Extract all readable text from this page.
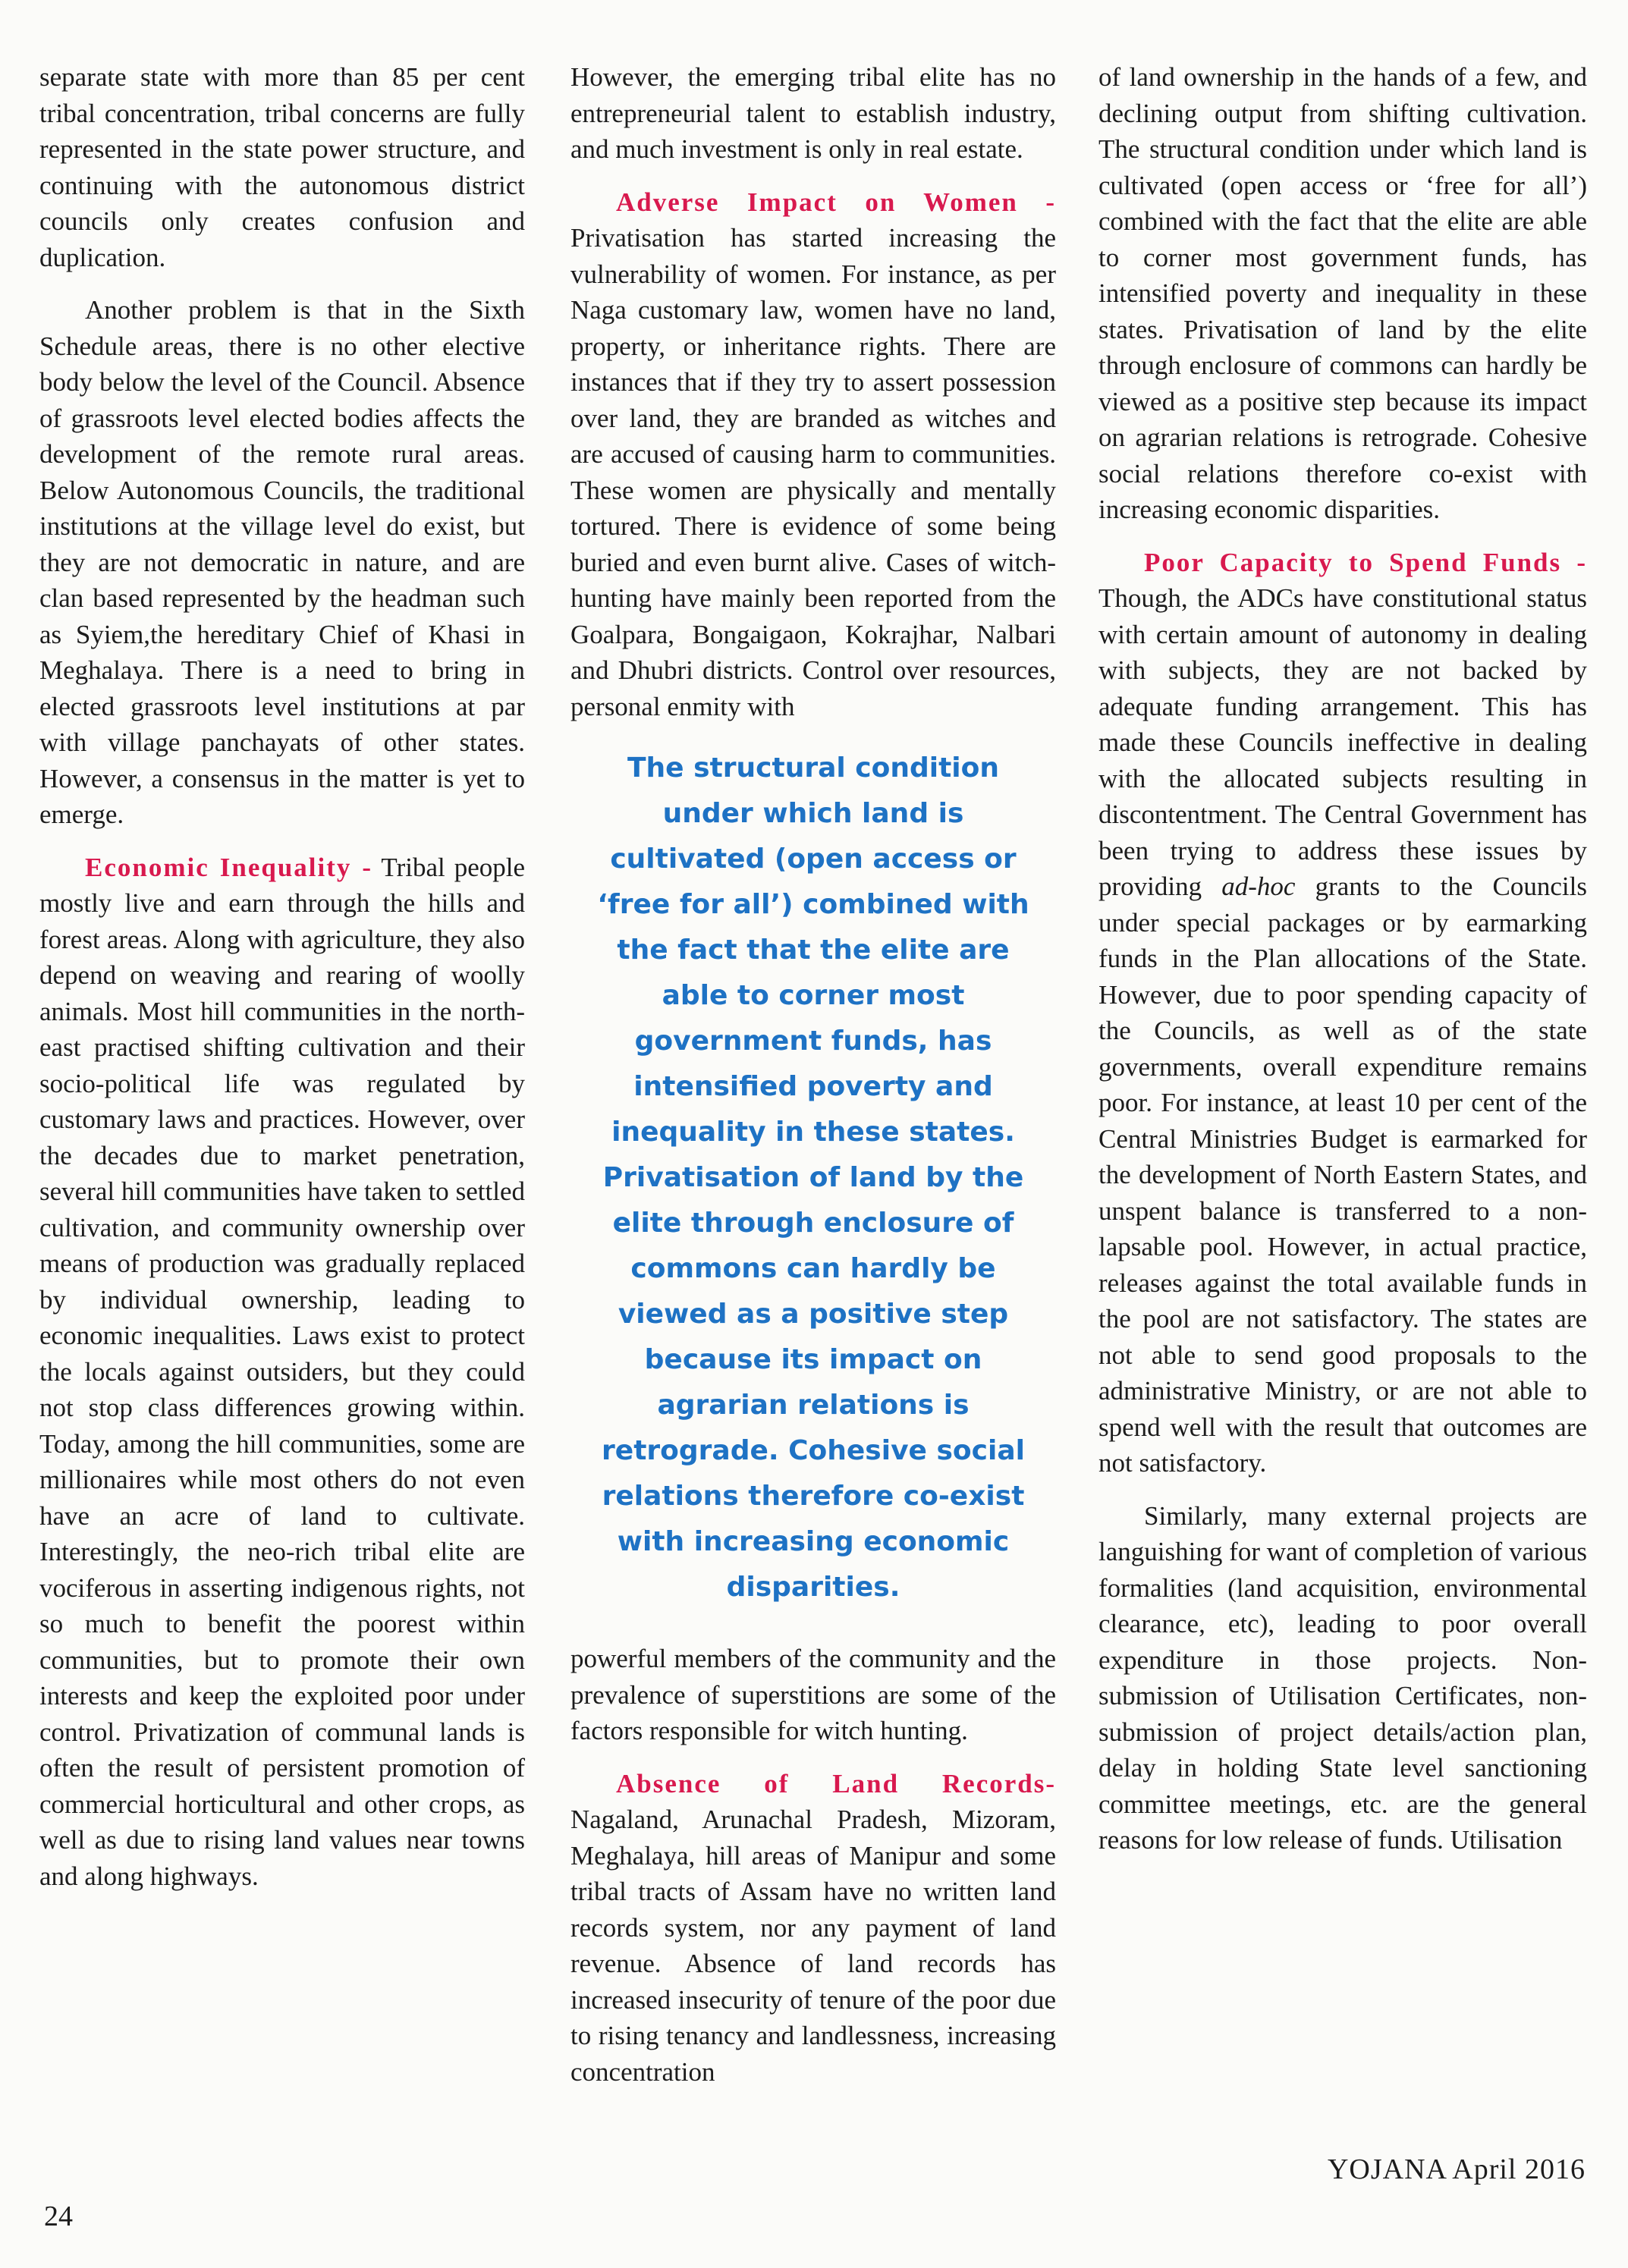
separate state with more than 85 per cent tribal concentration, tribal concerns are fully represented in the state power structure, and continuing with the autonomous district councils only creates confusion and duplication.

Another problem is that in the Sixth Schedule areas, there is no other elective body below the level of the Council. Absence of grassroots level elected bodies affects the development of the remote rural areas. Below Autonomous Councils, the traditional institutions at the village level do exist, but they are not democratic in nature, and are clan based represented by the headman such as Syiem,the hereditary Chief of Khasi in Meghalaya. There is a need to bring in elected grassroots level institutions at par with village panchayats of other states. However, a consensus in the matter is yet to emerge.

Economic Inequality - Tribal people mostly live and earn through the hills and forest areas. Along with agriculture, they also depend on weaving and rearing of woolly animals. Most hill communities in the north-east practised shifting cultivation and their socio-political life was regulated by customary laws and practices. However, over the decades due to market penetration, several hill communities have taken to settled cultivation, and community ownership over means of production was gradually replaced by individual ownership, leading to economic inequalities. Laws exist to protect the locals against outsiders, but they could not stop class differences growing within. Today, among the hill communities, some are millionaires while most others do not even have an acre of land to cultivate. Interestingly, the neo-rich tribal elite are vociferous in asserting indigenous rights, not so much to benefit the poorest within communities, but to promote their own interests and keep the exploited poor under control. Privatization of communal lands is often the result of persistent promotion of commercial horticultural and other crops, as well as due to rising land values near towns and along highways.

However, the emerging tribal elite has no entrepreneurial talent to establish industry, and much investment is only in real estate.

Adverse Impact on Women - Privatisation has started increasing the vulnerability of women. For instance, as per Naga customary law, women have no land, property, or inheritance rights. There are instances that if they try to assert possession over land, they are branded as witches and are accused of causing harm to communities. These women are physically and mentally tortured. There is evidence of some being buried and even burnt alive. Cases of witch-hunting have mainly been reported from the Goalpara, Bongaigaon, Kokrajhar, Nalbari and Dhubri districts. Control over resources, personal enmity with

The structural condition under which land is cultivated (open access or ‘free for all’) combined with the fact that the elite are able to corner most government funds, has intensified poverty and inequality in these states. Privatisation of land by the elite through enclosure of commons can hardly be viewed as a positive step because its impact on agrarian relations is retrograde. Cohesive social relations therefore co-exist with increasing economic disparities.

powerful members of the community and the prevalence of superstitions are some of the factors responsible for witch hunting.

Absence of Land Records- Nagaland, Arunachal Pradesh, Mizoram, Meghalaya, hill areas of Manipur and some tribal tracts of Assam have no written land records system, nor any payment of land revenue. Absence of land records has increased insecurity of tenure of the poor due to rising tenancy and landlessness, increasing concentration

of land ownership in the hands of a few, and declining output from shifting cultivation. The structural condition under which land is cultivated (open access or ‘free for all’) combined with the fact that the elite are able to corner most government funds, has intensified poverty and inequality in these states. Privatisation of land by the elite through enclosure of commons can hardly be viewed as a positive step because its impact on agrarian relations is retrograde. Cohesive social relations therefore co-exist with increasing economic disparities.

Poor Capacity to Spend Funds - Though, the ADCs have constitutional status with certain amount of autonomy in dealing with subjects, they are not backed by adequate funding arrangement. This has made these Councils ineffective in dealing with the allocated subjects resulting in discontentment. The Central Government has been trying to address these issues by providing ad-hoc grants to the Councils under special packages or by earmarking funds in the Plan allocations of the State. However, due to poor spending capacity of the Councils, as well as of the state governments, overall expenditure remains poor. For instance, at least 10 per cent of the Central Ministries Budget is earmarked for the development of North Eastern States, and unspent balance is transferred to a non-lapsable pool. However, in actual practice, releases against the total available funds in the pool are not satisfactory. The states are not able to send good proposals to the administrative Ministry, or are not able to spend well with the result that outcomes are not satisfactory.

Similarly, many external projects are languishing for want of completion of various formalities (land acquisition, environmental clearance, etc), leading to poor overall expenditure in those projects. Non-submission of Utilisation Certificates, non-submission of project details/action plan, delay in holding State level sanctioning committee meetings, etc. are the general reasons for low release of funds. Utilisation

24
YOJANA April 2016
